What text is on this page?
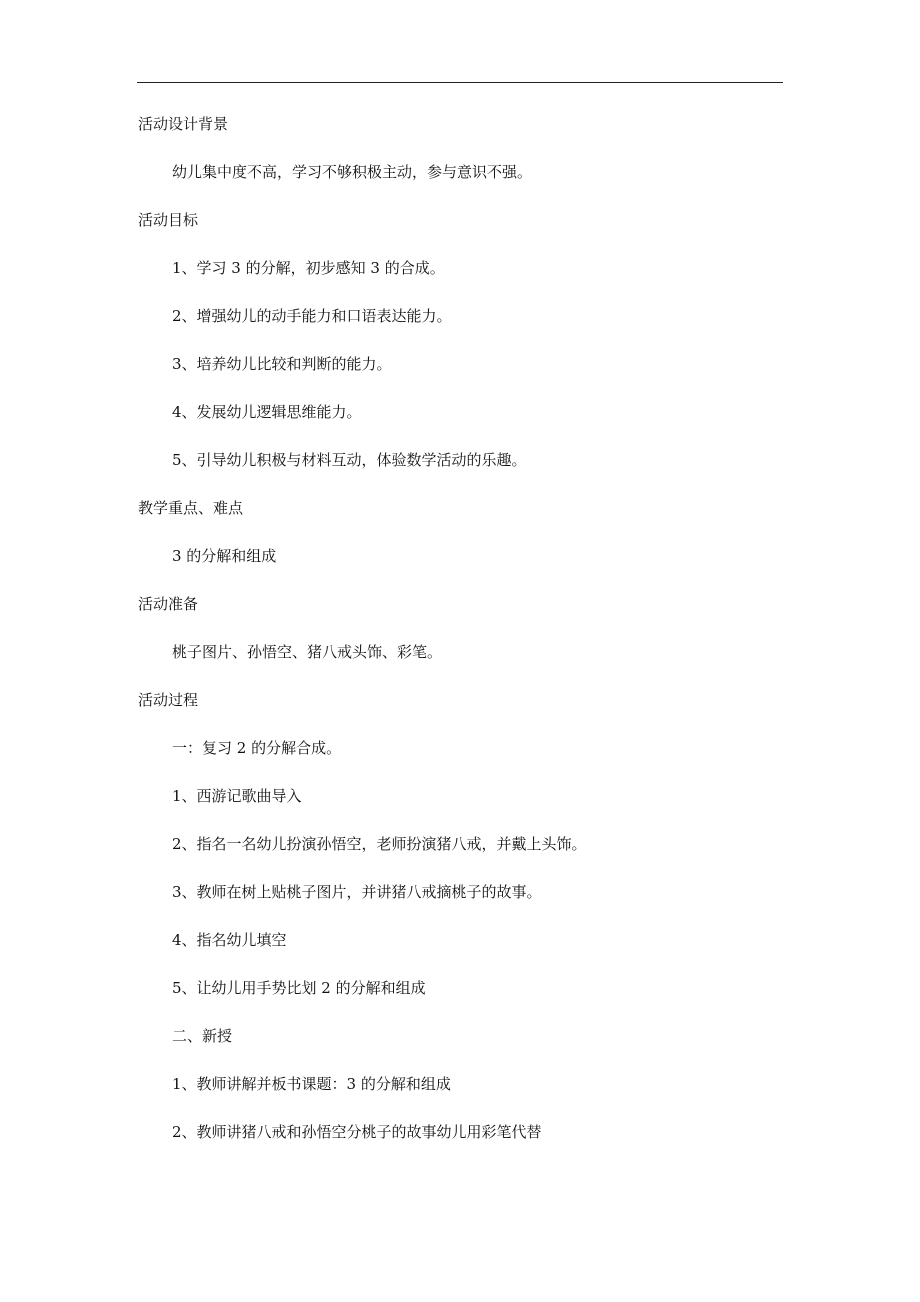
活动设计背景

幼儿集中度不高，学习不够积极主动，参与意识不强。

活动目标

1、学习 3 的分解，初步感知 3 的合成。

2、增强幼儿的动手能力和口语表达能力。

3、培养幼儿比较和判断的能力。

4、发展幼儿逻辑思维能力。

5、引导幼儿积极与材料互动，体验数学活动的乐趣。

教学重点、难点

3 的分解和组成

活动准备

桃子图片、孙悟空、猪八戒头饰、彩笔。

活动过程

一：复习 2 的分解合成。

1、西游记歌曲导入

2、指名一名幼儿扮演孙悟空，老师扮演猪八戒，并戴上头饰。

3、教师在树上贴桃子图片，并讲猪八戒摘桃子的故事。

4、指名幼儿填空

5、让幼儿用手势比划 2 的分解和组成

二、新授

1、教师讲解并板书课题：3 的分解和组成

2、教师讲猪八戒和孙悟空分桃子的故事幼儿用彩笔代替
